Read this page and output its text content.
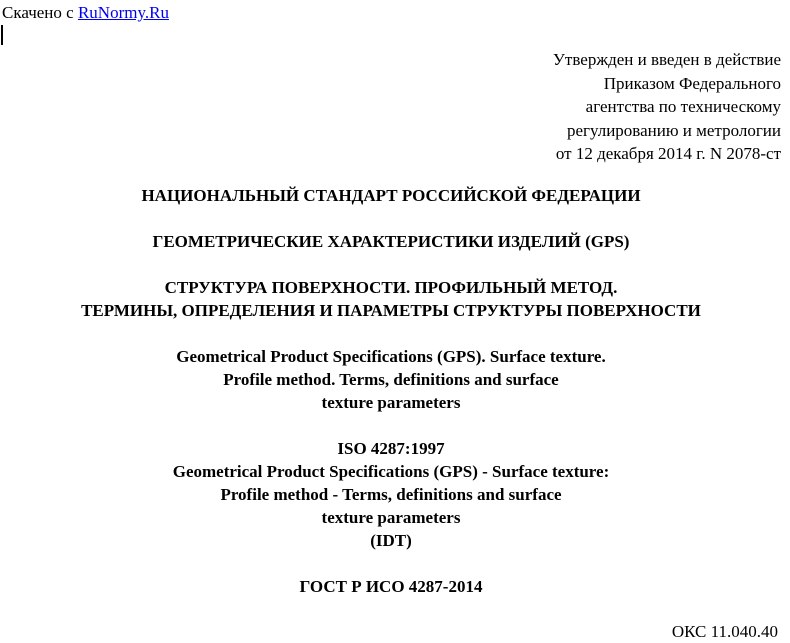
Скачено с RuNormy.Ru
Утвержден и введен в действие
Приказом Федерального
агентства по техническому
регулированию и метрологии
от 12 декабря 2014 г. N 2078-ст
НАЦИОНАЛЬНЫЙ СТАНДАРТ РОССИЙСКОЙ ФЕДЕРАЦИИ
ГЕОМЕТРИЧЕСКИЕ ХАРАКТЕРИСТИКИ ИЗДЕЛИЙ (GPS)
СТРУКТУРА ПОВЕРХНОСТИ. ПРОФИЛЬНЫЙ МЕТОД.
ТЕРМИНЫ, ОПРЕДЕЛЕНИЯ И ПАРАМЕТРЫ СТРУКТУРЫ ПОВЕРХНОСТИ
Geometrical Product Specifications (GPS). Surface texture.
Profile method. Terms, definitions and surface
texture parameters
ISO 4287:1997
Geometrical Product Specifications (GPS) - Surface texture:
Profile method - Terms, definitions and surface
texture parameters
(IDT)
ГОСТ Р ИСО 4287-2014
ОКС 11.040.40
